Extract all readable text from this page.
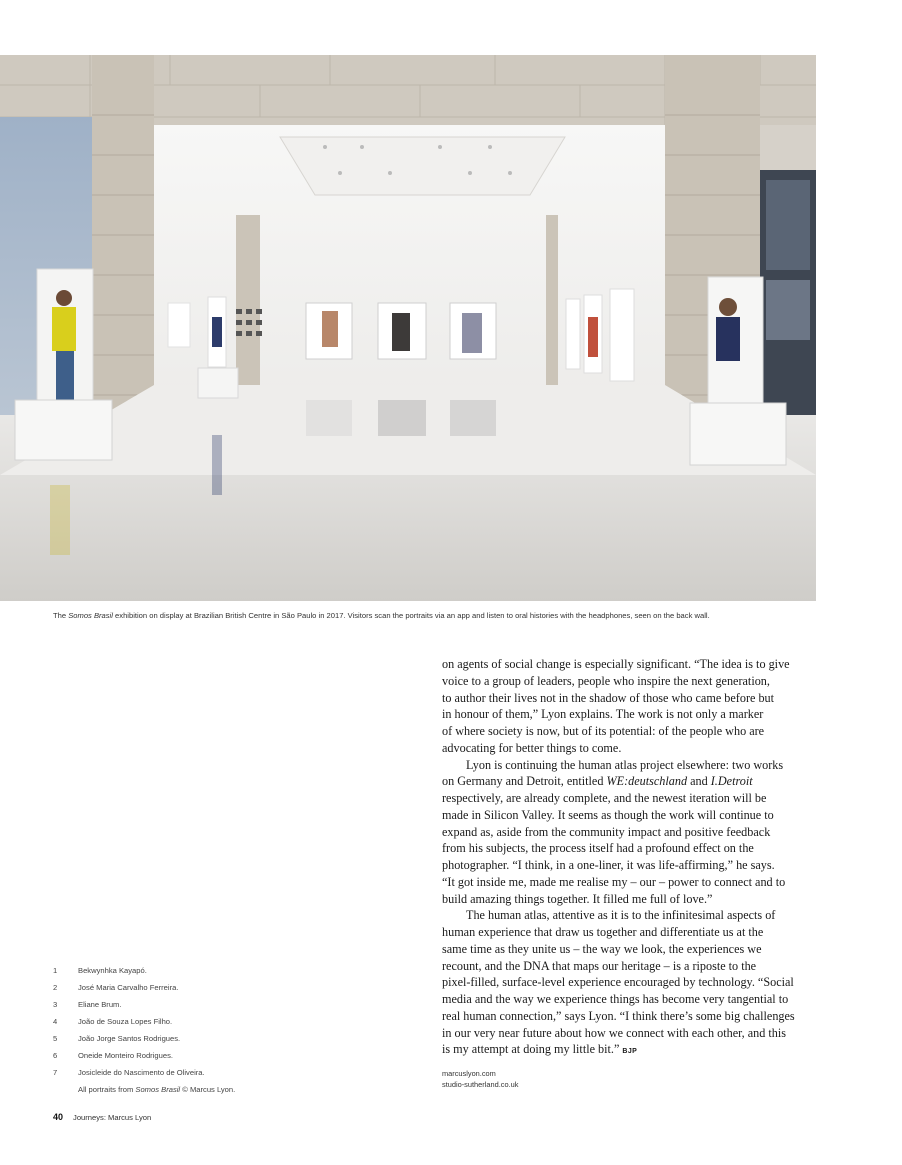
The Somos Brasil exhibition on display at Brazilian British Centre in São Paulo in 2017. Visitors scan the portraits via an app and listen to oral histories with the headphones, seen on the back wall.

on agents of social change is especially significant. “The idea is to give
voice to a group of leaders, people who inspire the next generation,
to author their lives not in the shadow of those who came before but
in honour of them,” Lyon explains. The work is not only a marker
of where society is now, but of its potential: of the people who are
advocating for better things to come.

Lyon is continuing the human atlas project elsewhere: two works
on Germany and Detroit, entitled WE:deutschland and I.Detroit
respectively, are already complete, and the newest iteration will be
made in Silicon Valley. It seems as though the work will continue to
expand as, aside from the community impact and positive feedback
from his subjects, the process itself had a profound effect on the
photographer. “I think, in a one-liner, it was life-affirming,” he says.
“It got inside me, made me realise my – our – power to connect and to
build amazing things together. It filled me full of love.”

The human atlas, attentive as it is to the infinitesimal aspects of
human experience that draw us together and differentiate us at the
same time as they unite us – the way we look, the experiences we
recount, and the DNA that maps our heritage – is a riposte to the
pixel-filled, surface-level experience encouraged by technology. “Social
media and the way we experience things has become very tangential to
real human connection,” says Lyon. “I think there’s some big challenges
in our very near future about how we connect with each other, and this
is my attempt at doing my little bit.” BJP

marcuslyon.com
studio-sutherland.co.uk
1	Bekwynhka Kayapó.
2	José Maria Carvalho Ferreira.
3	Eliane Brum.
4	João de Souza Lopes Filho.
5	João Jorge Santos Rodrigues.
6	Oneide Monteiro Rodrigues.
7	Josicleide do Nascimento de Oliveira.
All portraits from Somos Brasil © Marcus Lyon.
40 Journeys: Marcus Lyon
